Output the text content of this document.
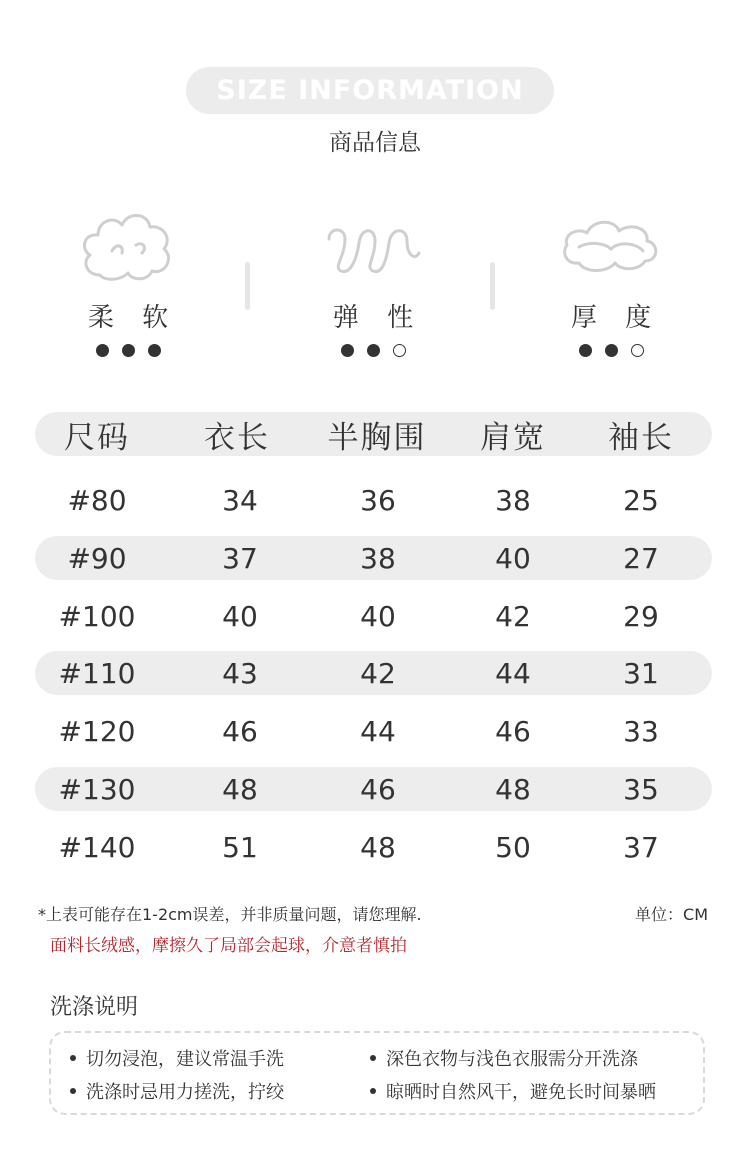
SIZE INFORMATION
商品信息
柔 软	弹 性	厚 度
尺码	衣长	半胸围	肩宽	袖长
#80	34	36	38	25
#90	37	38	40	27
#100	40	40	42	29
#110	43	42	44	31
#120	46	44	46	33
#130	48	46	48	35
#140	51	48	50	37
*上表可能存在1-2cm误差，并非质量问题，请您理解.	单位：CM
面料长绒感，摩擦久了局部会起球，介意者慎拍
洗涤说明
切勿浸泡，建议常温手洗	深色衣物与浅色衣服需分开洗涤
洗涤时忌用力搓洗，拧绞	晾晒时自然风干，避免长时间暴晒
